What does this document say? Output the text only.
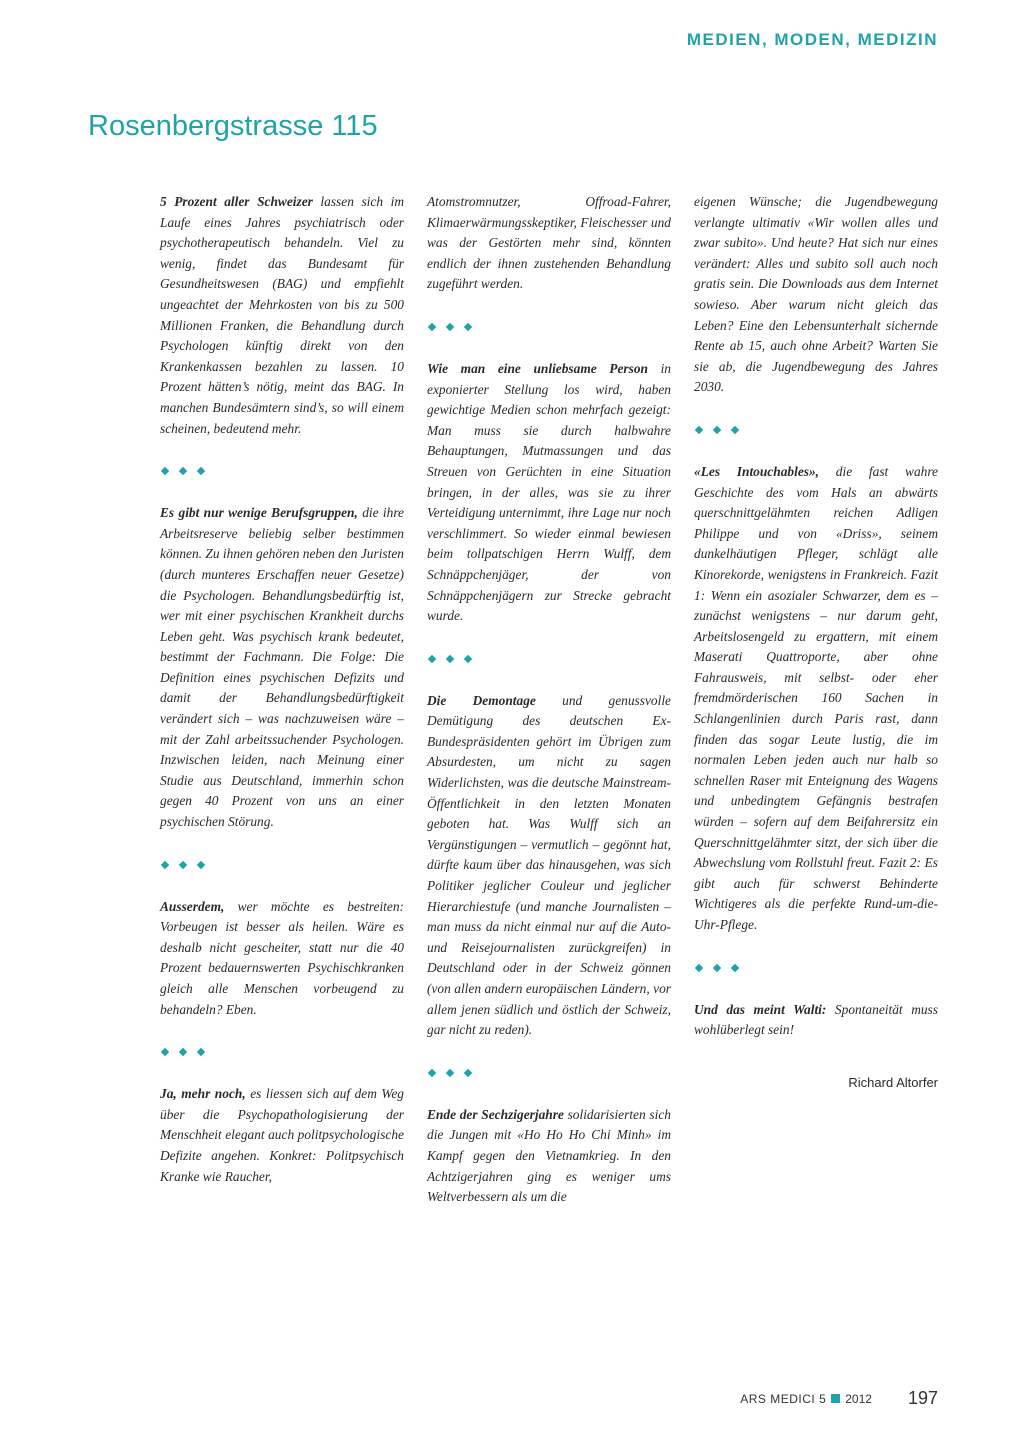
MEDIEN, MODEN, MEDIZIN
Rosenbergstrasse 115

5 Prozent aller Schweizer lassen sich im Laufe eines Jahres psychiatrisch oder psychotherapeutisch behandeln. Viel zu wenig, findet das Bundesamt für Gesundheitswesen (BAG) und empfiehlt ungeachtet der Mehrkosten von bis zu 500 Millionen Franken, die Behandlung durch Psychologen künftig direkt von den Krankenkassen bezahlen zu lassen. 10 Prozent hätten’s nötig, meint das BAG. In manchen Bundesämtern sind’s, so will einem scheinen, bedeutend mehr.

Es gibt nur wenige Berufsgruppen, die ihre Arbeitsreserve beliebig selber bestimmen können. Zu ihnen gehören neben den Juristen (durch munteres Erschaffen neuer Gesetze) die Psychologen. Behandlungsbedürftig ist, wer mit einer psychischen Krankheit durchs Leben geht. Was psychisch krank bedeutet, bestimmt der Fachmann. Die Folge: Die Definition eines psychischen Defizits und damit der Behandlungsbedürftigkeit verändert sich – was nachzuweisen wäre – mit der Zahl arbeitssuchender Psychologen. Inzwischen leiden, nach Meinung einer Studie aus Deutschland, immerhin schon gegen 40 Prozent von uns an einer psychischen Störung.

Ausserdem, wer möchte es bestreiten: Vorbeugen ist besser als heilen. Wäre es deshalb nicht gescheiter, statt nur die 40 Prozent bedauernswerten Psychischkranken gleich alle Menschen vorbeugend zu behandeln? Eben.

Ja, mehr noch, es liessen sich auf dem Weg über die Psychopathologisierung der Menschheit elegant auch politpsychologische Defizite angehen. Konkret: Politpsychisch Kranke wie Raucher,

Atomstromnutzer, Offroad-Fahrer, Klimaerwärmungsskeptiker, Fleischesser und was der Gestörten mehr sind, könnten endlich der ihnen zustehenden Behandlung zugeführt werden.

Wie man eine unliebsame Person in exponierter Stellung los wird, haben gewichtige Medien schon mehrfach gezeigt: Man muss sie durch halbwahre Behauptungen, Mutmassungen und das Streuen von Gerüchten in eine Situation bringen, in der alles, was sie zu ihrer Verteidigung unternimmt, ihre Lage nur noch verschlimmert. So wieder einmal bewiesen beim tollpatschigen Herrn Wulff, dem Schnäppchenjäger, der von Schnäppchenjägern zur Strecke gebracht wurde.

Die Demontage und genussvolle Demütigung des deutschen Ex-Bundespräsidenten gehört im Übrigen zum Absurdesten, um nicht zu sagen Widerlichsten, was die deutsche Mainstream-Öffentlichkeit in den letzten Monaten geboten hat. Was Wulff sich an Vergünstigungen – vermutlich – gegönnt hat, dürfte kaum über das hinausgehen, was sich Politiker jeglicher Couleur und jeglicher Hierarchiestufe (und manche Journalisten – man muss da nicht einmal nur auf die Auto- und Reisejournalisten zurückgreifen) in Deutschland oder in der Schweiz gönnen (von allen andern europäischen Ländern, vor allem jenen südlich und östlich der Schweiz, gar nicht zu reden).

Ende der Sechzigerjahre solidarisierten sich die Jungen mit «Ho Ho Ho Chi Minh» im Kampf gegen den Vietnamkrieg. In den Achtzigerjahren ging es weniger ums Weltverbessern als um die

eigenen Wünsche; die Jugendbewegung verlangte ultimativ «Wir wollen alles und zwar subito». Und heute? Hat sich nur eines verändert: Alles und subito soll auch noch gratis sein. Die Downloads aus dem Internet sowieso. Aber warum nicht gleich das Leben? Eine den Lebensunterhalt sichernde Rente ab 15, auch ohne Arbeit? Warten Sie sie ab, die Jugendbewegung des Jahres 2030.

«Les Intouchables», die fast wahre Geschichte des vom Hals an abwärts querschnittgelähmten reichen Adligen Philippe und von «Driss», seinem dunkelhäutigen Pfleger, schlägt alle Kinorekorde, wenigstens in Frankreich. Fazit 1: Wenn ein asozialer Schwarzer, dem es – zunächst wenigstens – nur darum geht, Arbeitslosengeld zu ergattern, mit einem Maserati Quattroporte, aber ohne Fahrausweis, mit selbst- oder eher fremdmörderischen 160 Sachen in Schlangenlinien durch Paris rast, dann finden das sogar Leute lustig, die im normalen Leben jeden auch nur halb so schnellen Raser mit Enteignung des Wagens und unbedingtem Gefängnis bestrafen würden – sofern auf dem Beifahrersitz ein Querschnittgelähmter sitzt, der sich über die Abwechslung vom Rollstuhl freut. Fazit 2: Es gibt auch für schwerst Behinderte Wichtigeres als die perfekte Rund-um-die-Uhr-Pflege.

Und das meint Walti: Spontaneität muss wohlüberlegt sein!

Richard Altorfer
ARS MEDICI 5 2012 197
